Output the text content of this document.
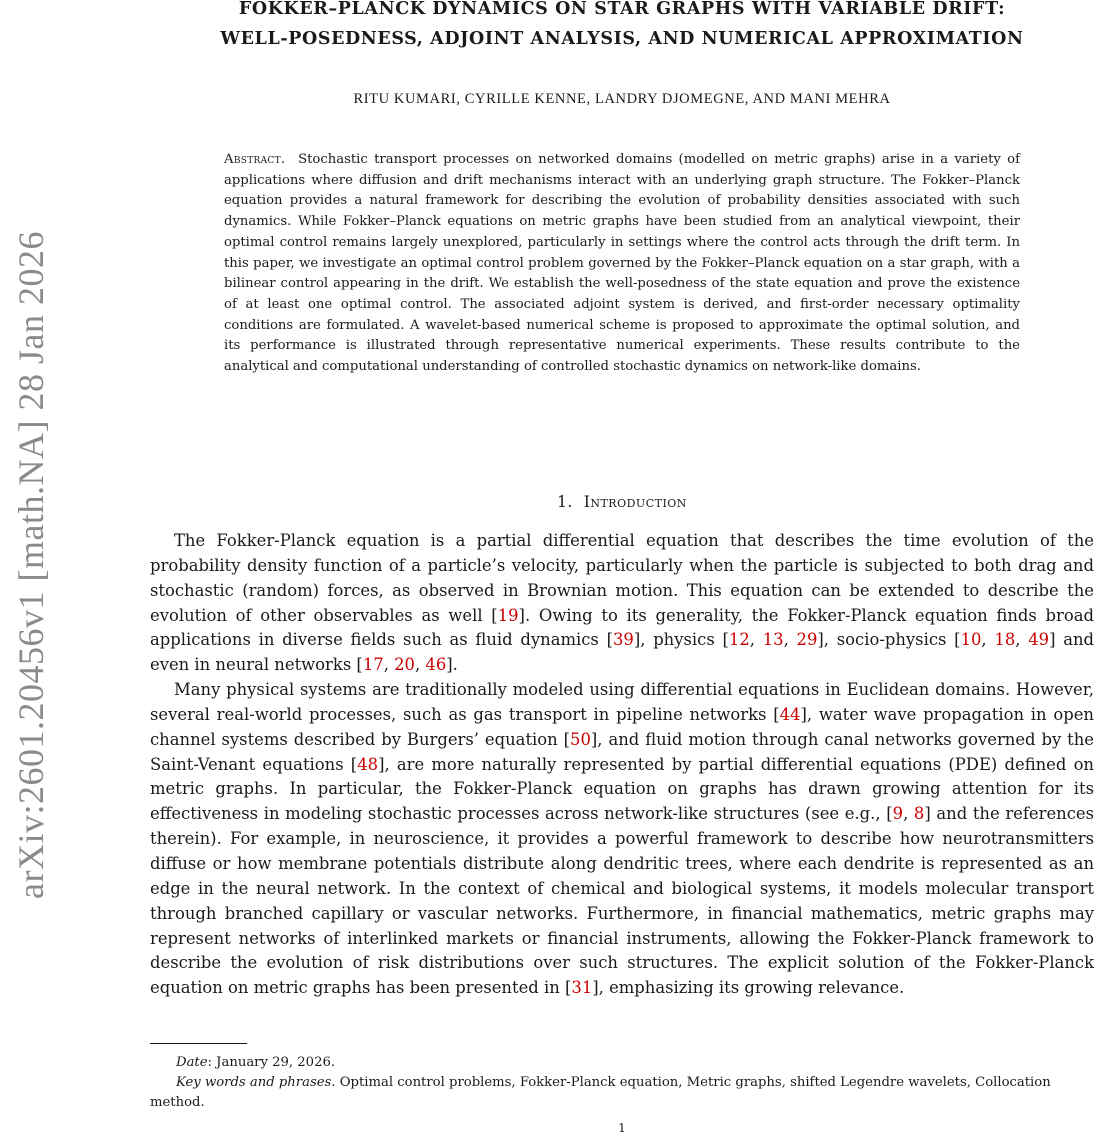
arXiv:2601.20456v1 [math.NA] 28 Jan 2026
FOKKER–PLANCK DYNAMICS ON STAR GRAPHS WITH VARIABLE DRIFT:
WELL-POSEDNESS, ADJOINT ANALYSIS, AND NUMERICAL APPROXIMATION
RITU KUMARI, CYRILLE KENNE, LANDRY DJOMEGNE, AND MANI MEHRA
Abstract. Stochastic transport processes on networked domains (modelled on metric graphs) arise in a variety of applications where diffusion and drift mechanisms interact with an underlying graph structure. The Fokker–Planck equation provides a natural framework for describing the evolution of probability densities associated with such dynamics. While Fokker–Planck equations on metric graphs have been studied from an analytical viewpoint, their optimal control remains largely unexplored, particularly in settings where the control acts through the drift term. In this paper, we investigate an optimal control problem governed by the Fokker–Planck equation on a star graph, with a bilinear control appearing in the drift. We establish the well-posedness of the state equation and prove the existence of at least one optimal control. The associated adjoint system is derived, and first-order necessary optimality conditions are formulated. A wavelet-based numerical scheme is proposed to approximate the optimal solution, and its performance is illustrated through representative numerical experiments. These results contribute to the analytical and computational understanding of controlled stochastic dynamics on network-like domains.
1. Introduction

The Fokker-Planck equation is a partial differential equation that describes the time evolution of the probability density function of a particle’s velocity, particularly when the particle is subjected to both drag and stochastic (random) forces, as observed in Brownian motion. This equation can be extended to describe the evolution of other observables as well [19]. Owing to its generality, the Fokker-Planck equation finds broad applications in diverse fields such as fluid dynamics [39], physics [12, 13, 29], socio-physics [10, 18, 49] and even in neural networks [17, 20, 46].

Many physical systems are traditionally modeled using differential equations in Euclidean domains. However, several real-world processes, such as gas transport in pipeline networks [44], water wave propagation in open channel systems described by Burgers’ equation [50], and fluid motion through canal networks governed by the Saint-Venant equations [48], are more naturally represented by partial differential equations (PDE) defined on metric graphs. In particular, the Fokker-Planck equation on graphs has drawn growing attention for its effectiveness in modeling stochastic processes across network-like structures (see e.g., [9, 8] and the references therein). For example, in neuroscience, it provides a powerful framework to describe how neurotransmitters diffuse or how membrane potentials distribute along dendritic trees, where each dendrite is represented as an edge in the neural network. In the context of chemical and biological systems, it models molecular transport through branched capillary or vascular networks. Furthermore, in financial mathematics, metric graphs may represent networks of interlinked markets or financial instruments, allowing the Fokker-Planck framework to describe the evolution of risk distributions over such structures. The explicit solution of the Fokker-Planck equation on metric graphs has been presented in [31], emphasizing its growing relevance.

Date: January 29, 2026.

Key words and phrases. Optimal control problems, Fokker-Planck equation, Metric graphs, shifted Legendre wavelets, Collocation method.

1
